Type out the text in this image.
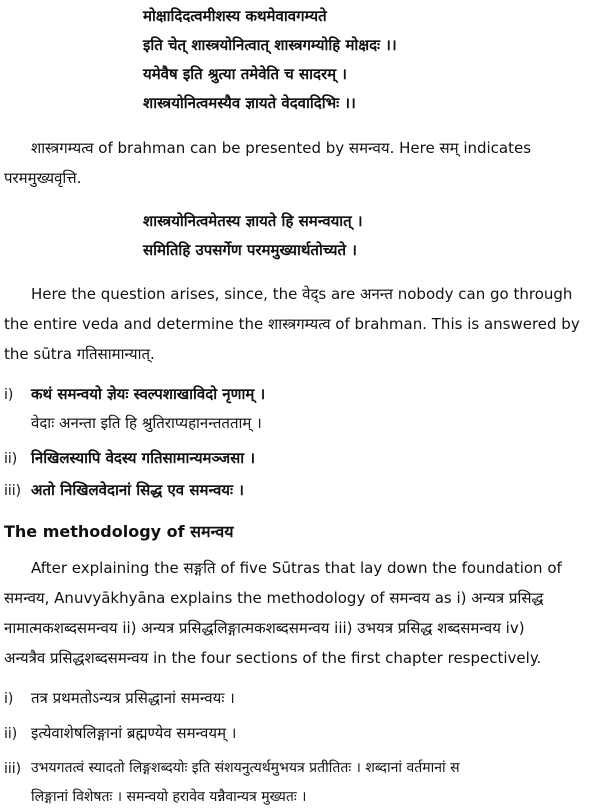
मोक्षादिदत्वमीशस्य कथमेवावगम्यते
इति चेत् शास्त्रयोनित्वात् शास्त्रगम्योहि मोक्षदः ।।
यमेवैष इति श्रुत्या तमेवेति च सादरम् ।
शास्त्रयोनित्वमस्यैव ज्ञायते वेदवादिभिः ।।
शास्त्रगम्यत्व of brahman can be presented by समन्वय. Here सम् indicates
परममुख्यवृत्ति.
शास्त्रयोनित्वमेतस्य ज्ञायते हि समन्वयात् ।
समितिहि उपसर्गेण परममुख्यार्थतोच्यते ।
Here the question arises, since, the वेद्s are अनन्त nobody can go through
the entire veda and determine the शास्त्रगम्यत्व of brahman. This is answered by
the sūtra गतिसामान्यात्.
i) कथं समन्वयो ज्ञेयः स्वल्पशाखाविदो नृणाम् ।
वेदाः अनन्ता इति हि श्रुतिराप्यहानन्ततताम् ।
ii) निखिलस्यापि वेदस्य गतिसामान्यमञ्जसा ।
iii) अतो निखिलवेदानां सिद्ध एव समन्वयः ।
The methodology of समन्वय
After explaining the सङ्गति of five Sūtras that lay down the foundation of
समन्वय, Anuvyākhyāna explains the methodology of समन्वय as i) अन्यत्र प्रसिद्ध
नामात्मकशब्दसमन्वय ii) अन्यत्र प्रसिद्धलिङ्गात्मकशब्दसमन्वय iii) उभयत्र प्रसिद्ध शब्दसमन्वय iv)
अन्यत्रैव प्रसिद्धशब्दसमन्वय in the four sections of the first chapter respectively.
i) तत्र प्रथमतोऽन्यत्र प्रसिद्धानां समन्वयः ।
ii) इत्येवाशेषलिङ्गानां ब्रह्मण्येव समन्वयम् ।
iii) उभयगतत्वं स्यादतो लिङ्गशब्दयोः इति संशयनुत्यर्थमुभयत्र प्रतीतितः । शब्दानां वर्तमानां स
लिङ्गानां विशेषतः । समन्वयो हरावेव यन्नैवान्यत्र मुख्यतः ।
